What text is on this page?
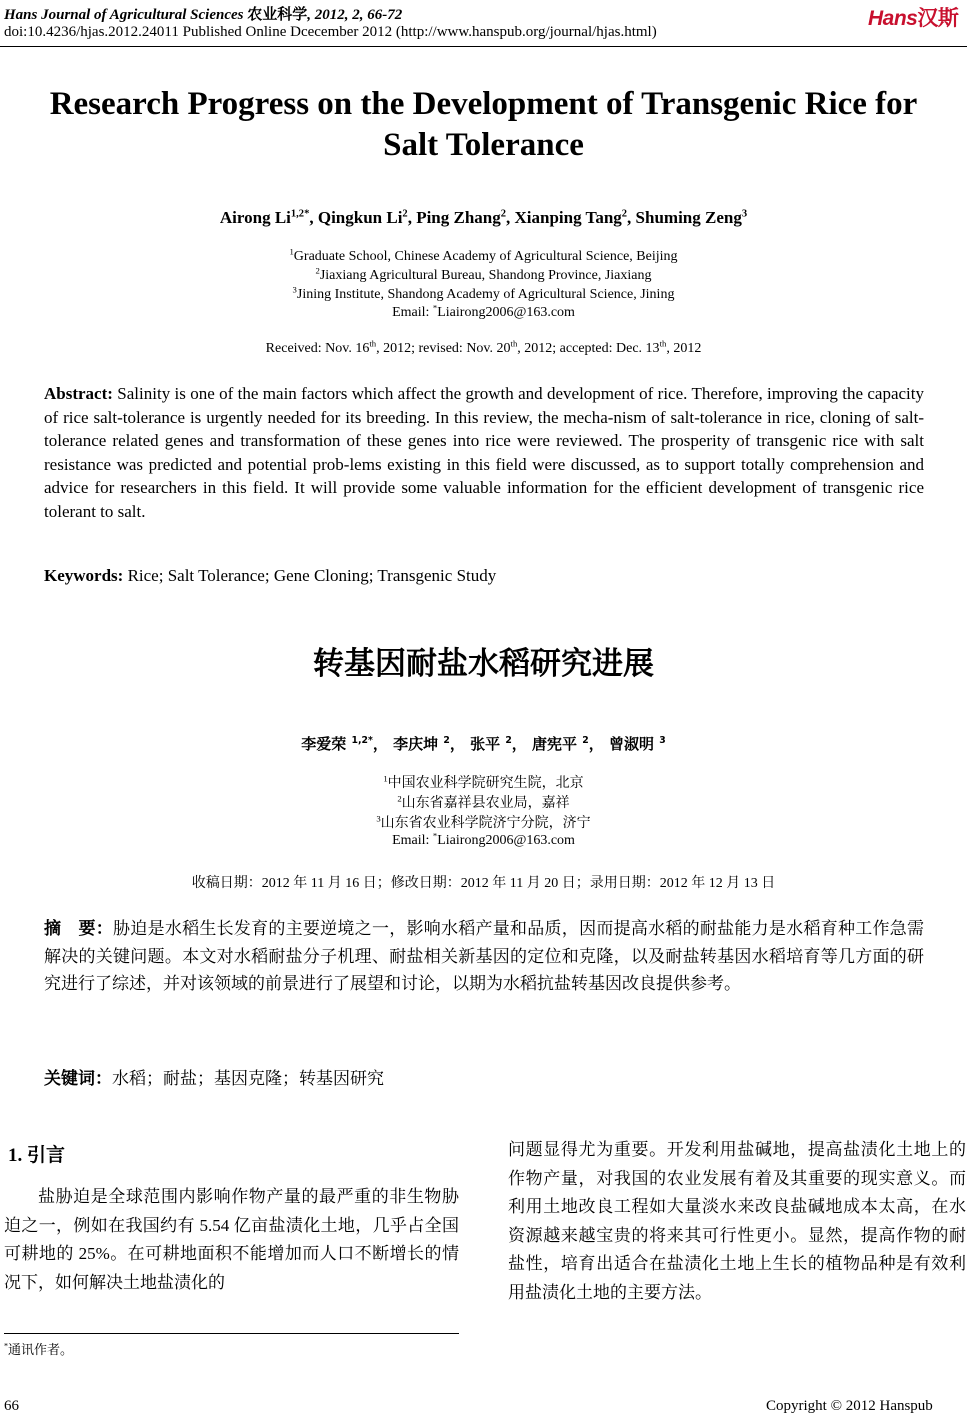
Hans Journal of Agricultural Sciences 农业科学, 2012, 2, 66-72
doi:10.4236/hjas.2012.24011 Published Online Dcecember 2012 (http://www.hanspub.org/journal/hjas.html)
Hans汉斯
Research Progress on the Development of Transgenic Rice for Salt Tolerance
Airong $Li^{1,2*}$, Qingkun Li$^2$, Ping Zhang$^2$, Xianping Tang$^2$, Shuming Zeng$^3$
$^1$Graduate School, Chinese Academy of Agricultural Science, Beijing
$^2$Jiaxiang Agricultural Bureau, Shandong Province, Jiaxiang
$^3$Jining Institute, Shandong Academy of Agricultural Science, Jining
Email: *Liairong2006@163.com
Received: Nov. 16th, 2012; revised: Nov. 20th, 2012; accepted: Dec. 13th, 2012
Abstract: Salinity is one of the main factors which affect the growth and development of rice. Therefore, improving the capacity of rice salt-tolerance is urgently needed for its breeding. In this review, the mecha-nism of salt-tolerance in rice, cloning of salt-tolerance related genes and transformation of these genes into rice were reviewed. The prosperity of transgenic rice with salt resistance was predicted and potential prob-lems existing in this field were discussed, as to support totally comprehension and advice for researchers in this field. It will provide some valuable information for the efficient development of transgenic rice tolerant to salt.
Keywords: Rice; Salt Tolerance; Gene Cloning; Transgenic Study
转基因耐盐水稻研究进展
李爱荣 $^{1,2*}$， 李庆坤 $^2$， 张平 $^2$， 唐宪平 $^2$， 曾淑明 $^3$
$^1$中国农业科学院研究生院，北京
$^2$山东省嘉祥县农业局，嘉祥
$^3$山东省农业科学院济宁分院，济宁
Email: *Liairong2006@163.com
收稿日期：2012 年 11 月 16 日；修改日期：2012 年 11 月 20 日；录用日期：2012 年 12 月 13 日
摘　要：胁迫是水稻生长发育的主要逆境之一，影响水稻产量和品质，因而提高水稻的耐盐能力是水稻育种工作急需解决的关键问题。本文对水稻耐盐分子机理、耐盐相关新基因的定位和克隆，以及耐盐转基因水稻培育等几方面的研究进行了综述，并对该领域的前景进行了展望和讨论，以期为水稻抗盐转基因改良提供参考。
关键词：水稻；耐盐；基因克隆；转基因研究
1. 引言
盐胁迫是全球范围内影响作物产量的最严重的非生物胁迫之一，例如在我国约有 5.54 亿亩盐渍化土地，几乎占全国可耕地的 25%。在可耕地面积不能增加而人口不断增长的情况下，如何解决土地盐渍化的
问题显得尤为重要。开发利用盐碱地，提高盐渍化土地上的作物产量，对我国的农业发展有着及其重要的现实意义。而利用土地改良工程如大量淡水来改良盐碱地成本太高，在水资源越来越宝贵的将来其可行性更小。显然，提高作物的耐盐性，培育出适合在盐渍化土地上生长的植物品种是有效利用盐渍化土地的主要方法。
*通讯作者。
66	Copyright © 2012 Hanspub
